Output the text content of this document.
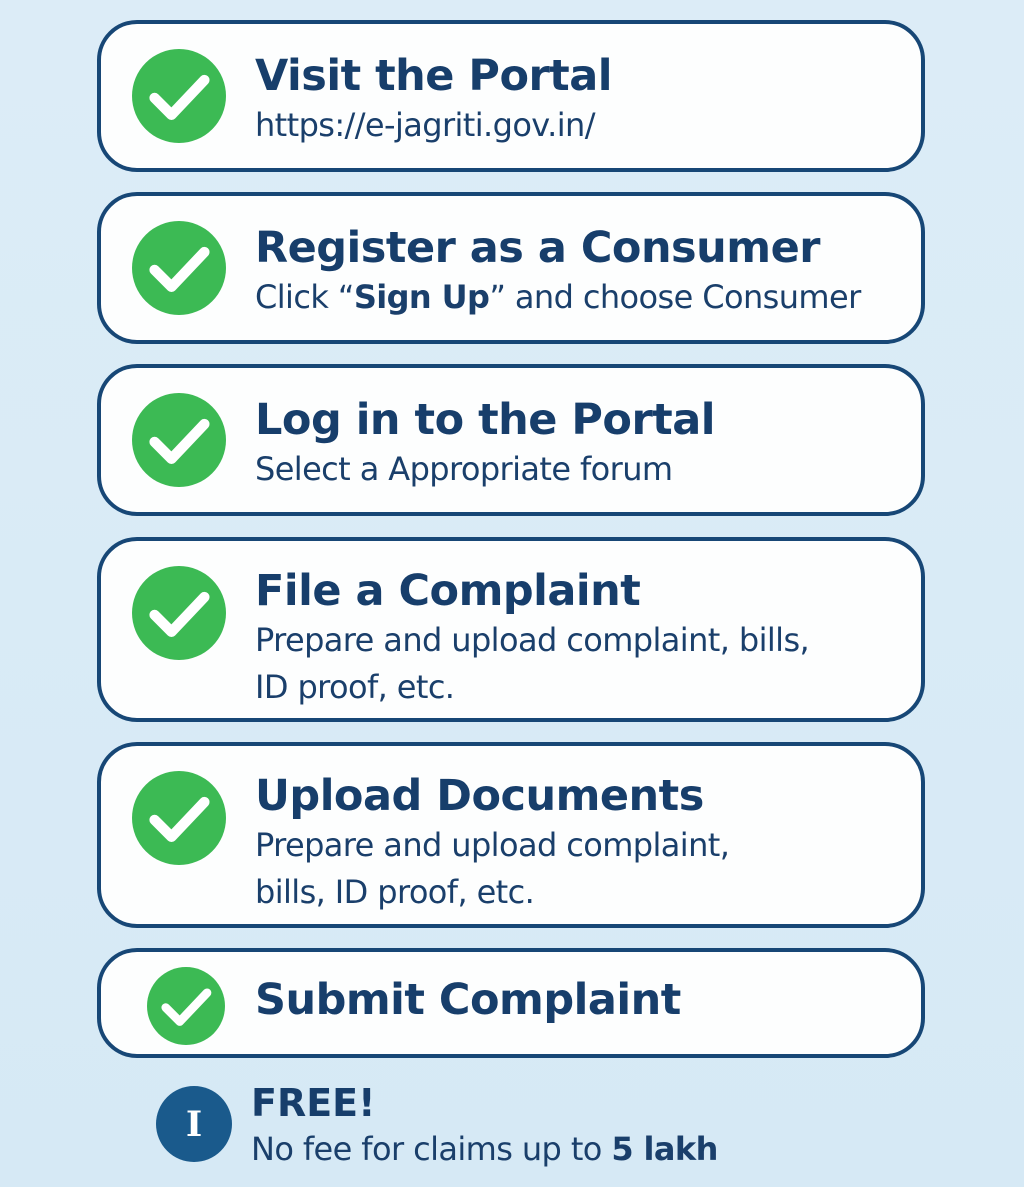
Visit the Portal
https://e-jagriti.gov.in/
Register as a Consumer
Click “Sign Up” and choose Consumer
Log in to the Portal
Select a Appropriate forum
File a Complaint
Prepare and upload complaint, bills,
ID proof, etc.
Upload Documents
Prepare and upload complaint,
bills, ID proof, etc.
Submit Complaint
I FREE!
No fee for claims up to 5 lakh
